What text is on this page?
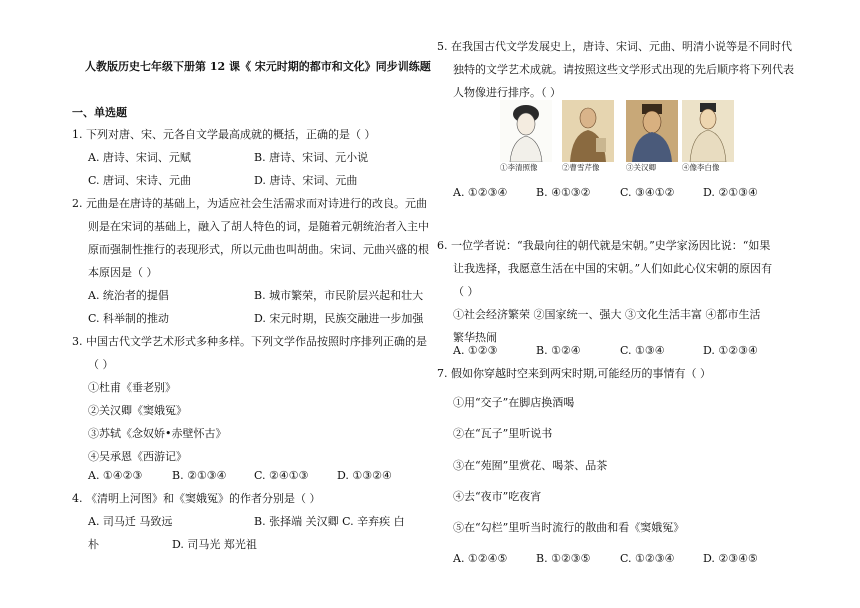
人教版历史七年级下册第 12 课《 宋元时期的都市和文化》同步训练题
一、单选题
1. 下列对唐、宋、元各自文学最高成就的概括，正确的是（ ）
A. 唐诗、宋词、元赋	B. 唐诗、宋词、元小说
C. 唐词、宋诗、元曲	D. 唐诗、宋词、元曲
2. 元曲是在唐诗的基础上，为适应社会生活需求而对诗进行的改良。元曲
则是在宋词的基础上，融入了胡人特色的词，是随着元朝统治者入主中
原而强制性推行的表现形式，所以元曲也叫胡曲。宋词、元曲兴盛的根
本原因是（ ）
A. 统治者的提倡	B. 城市繁荣，市民阶层兴起和壮大
C. 科举制的推动	D. 宋元时期，民族交融进一步加强
3. 中国古代文学艺术形式多种多样。下列文学作品按照时序排列正确的是
（ ）
①杜甫《垂老别》
②关汉卿《窦娥冤》
③苏轼《念奴娇•赤壁怀古》
④吴承恩《西游记》
A. ①④②③	B. ②①③④ C. ②④①③	D. ①③②④
4. 《清明上河图》和《窦娥冤》的作者分别是（ ）
A. 司马迁 马致远	B. 张择端 关汉卿 C. 辛弃疾 白
朴	D. 司马光 郑光祖
5. 在我国古代文学发展史上，唐诗、宋词、元曲、明清小说等是不同时代
独特的文学艺术成就。请按照这些文学形式出现的先后顺序将下列代表
人物像进行排序。（ ）
①李清照像	②曹雪芹像	③关汉卿	④像李白像
A. ①②③④	B. ④①③②	C. ③④①②	D. ②①③④
6. 一位学者说：“我最向往的朝代就是宋朝。”史学家汤因比说：“如果
让我选择，我愿意生活在中国的宋朝。”人们如此心仪宋朝的原因有
（ ）
①社会经济繁荣 ②国家统一、强大 ③文化生活丰富 ④都市生活
繁华热闹
A. ①②③	B. ①②④	C. ①③④	D. ①②③④
7. 假如你穿越时空来到两宋时期,可能经历的事情有（ ）
①用“交子”在脚店换酒喝
②在“瓦子”里听说书
③在“苑囿”里赏花、喝茶、品茶
④去“夜市”吃夜宵
⑤在“勾栏”里听当时流行的散曲和看《窦娥冤》
A. ①②④⑤	B. ①②③⑤	C. ①②③④	D. ②③④⑤
